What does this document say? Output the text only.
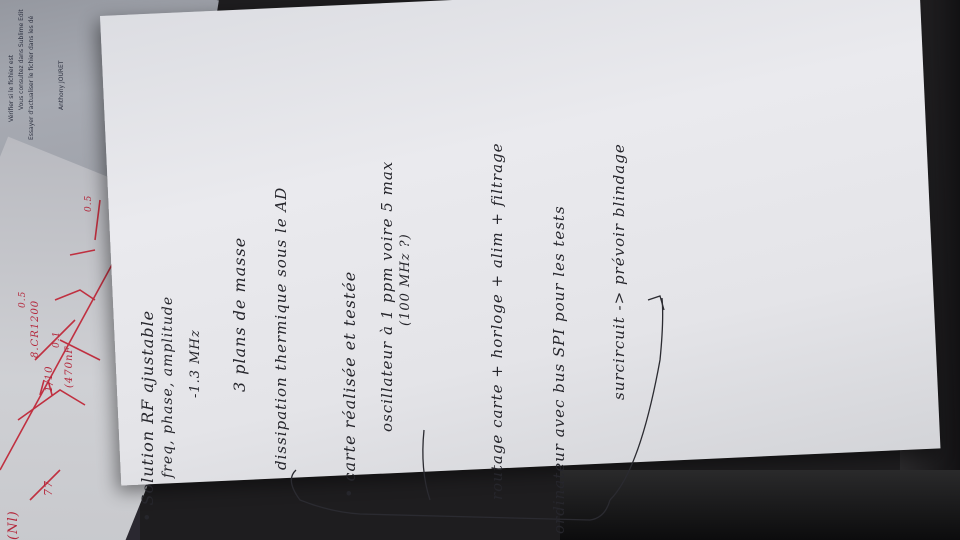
Vérifier si le fichier est Vous consultez dans Sublime Edit Essayer d'actualiser le fichier dans les dé	Anthony JOURET
(Nl)
77
1/10
8.CR1200 0.1
(470nF
0.5
0.5
• Solution RF ajustable freq, phase, amplitude -1.3 MHz 3 plans de masse dissipation thermique sous le AD	• carte réalisée et testée oscillateur à 1 ppm voire 5 max (100 MHz ?)	routage carte + horloge + alim + filtrage	ordinateur avec bus SPI pour les tests	surcircuit -> prévoir blindage
